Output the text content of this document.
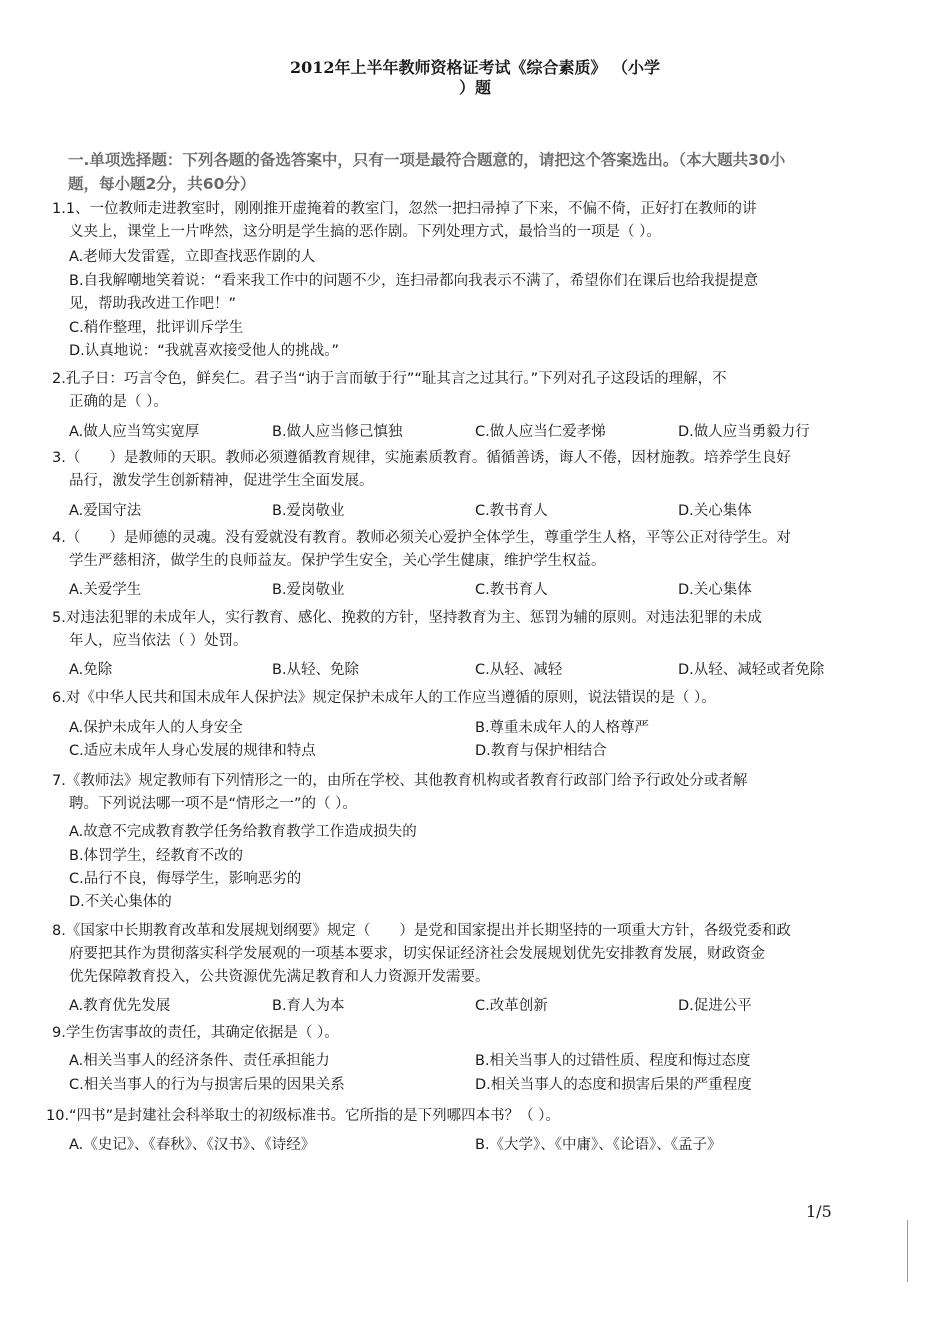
2012年上半年教师资格证考试《综合素质》 （小学
）题
一.单项选择题：下列各题的备选答案中，只有一项是最符合题意的，请把这个答案选出。（本大题共30小
题，每小题2分，共60分）
1.1、一位教师走进教室时，刚刚推开虚掩着的教室门，忽然一把扫帚掉了下来，不偏不倚，正好打在教师的讲
义夹上，课堂上一片哗然，这分明是学生搞的恶作剧。下列处理方式，最恰当的一项是（ ）。
A.老师大发雷霆，立即查找恶作剧的人
B.自我解嘲地笑着说：“看来我工作中的问题不少，连扫帚都向我表示不满了，希望你们在课后也给我提提意
见，帮助我改进工作吧！”
C.稍作整理，批评训斥学生
D.认真地说：“我就喜欢接受他人的挑战。”
2.孔子日：巧言令色，鲜矣仁。君子当“讷于言而敏于行”“耻其言之过其行。”下列对孔子这段话的理解，不
正确的是（ ）。
A.做人应当笃实宽厚	B.做人应当修己慎独	C.做人应当仁爱孝悌	D.做人应当勇毅力行
3.（　　）是教师的天职。教师必须遵循教育规律，实施素质教育。循循善诱，诲人不倦，因材施教。培养学生良好
品行，激发学生创新精神，促进学生全面发展。
A.爱国守法	B.爱岗敬业	C.教书育人	D.关心集体
4.（　　）是师德的灵魂。没有爱就没有教育。教师必须关心爱护全体学生，尊重学生人格，平等公正对待学生。对
学生严慈相济，做学生的良师益友。保护学生安全，关心学生健康，维护学生权益。
A.关爱学生	B.爱岗敬业	C.教书育人	D.关心集体
5.对违法犯罪的未成年人，实行教育、感化、挽救的方针，坚持教育为主、惩罚为辅的原则。对违法犯罪的未成
年人，应当依法（ ）处罚。
A.免除	B.从轻、免除	C.从轻、减轻	D.从轻、减轻或者免除
6.对《中华人民共和国未成年人保护法》规定保护未成年人的工作应当遵循的原则，说法错误的是（ ）。
A.保护未成年人的人身安全	B.尊重未成年人的人格尊严
C.适应未成年人身心发展的规律和特点	D.教育与保护相结合
7.《教师法》规定教师有下列情形之一的，由所在学校、其他教育机构或者教育行政部门给予行政处分或者解
聘。下列说法哪一项不是“情形之一”的（ ）。
A.故意不完成教育教学任务给教育教学工作造成损失的
B.体罚学生，经教育不改的
C.品行不良，侮辱学生，影响恶劣的
D.不关心集体的
8.《国家中长期教育改革和发展规划纲要》规定（　　）是党和国家提出并长期坚持的一项重大方针，各级党委和政
府要把其作为贯彻落实科学发展观的一项基本要求，切实保证经济社会发展规划优先安排教育发展，财政资金
优先保障教育投入，公共资源优先满足教育和人力资源开发需要。
A.教育优先发展	B.育人为本	C.改革创新	D.促进公平
9.学生伤害事故的责任，其确定依据是（ ）。
A.相关当事人的经济条件、责任承担能力	B.相关当事人的过错性质、程度和悔过态度
C.相关当事人的行为与损害后果的因果关系	D.相关当事人的态度和损害后果的严重程度
10.“四书”是封建社会科举取士的初级标准书。它所指的是下列哪四本书？（ ）。
A.《史记》、《春秋》、《汉书》、《诗经》	B.《大学》、《中庸》、《论语》、《孟子》
1/5
